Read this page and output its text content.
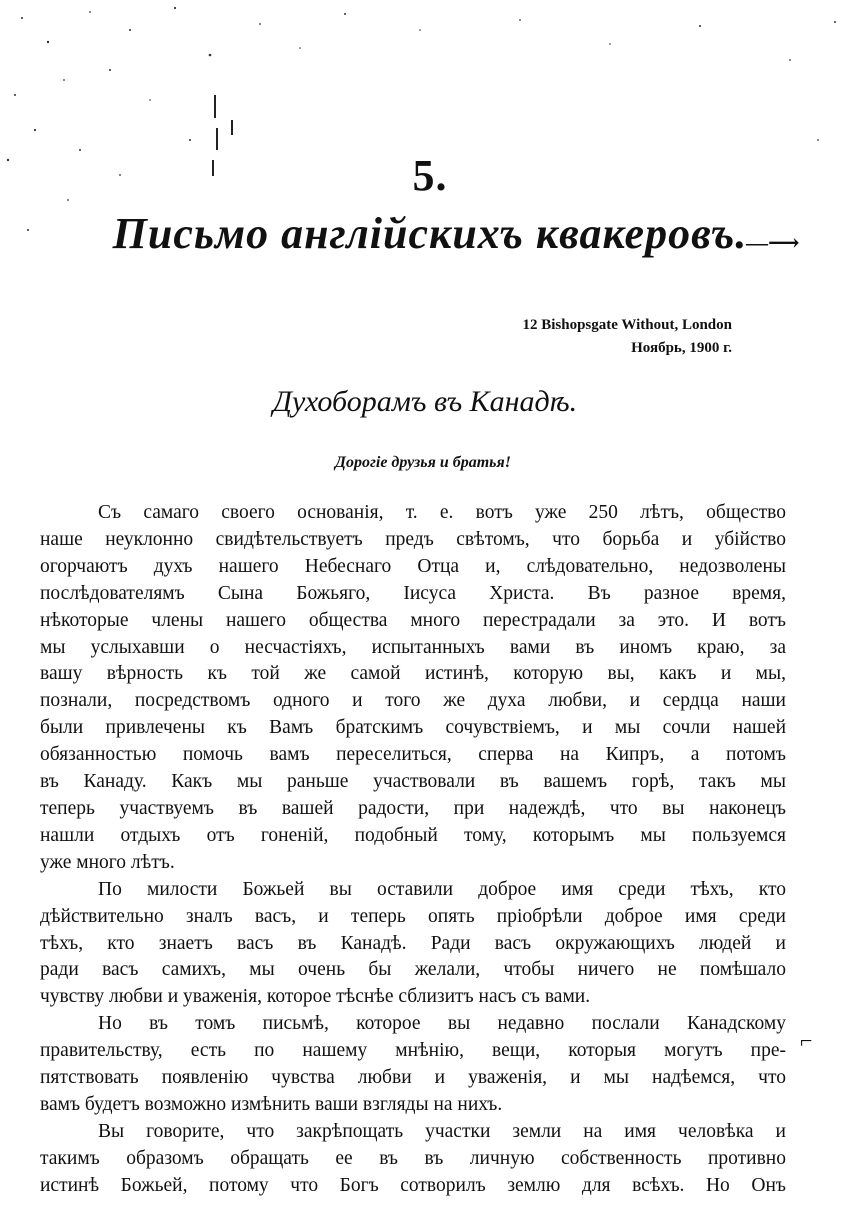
5.
Письмо англійскихъ квакеровъ.
—⟶
12 Bishopsgate Without, London
Ноябрь, 1900 г.
Духоборамъ въ Канадѣ.
Дорогіе друзья и братья!
Съ самаго своего основанія, т. е. вотъ уже 250 лѣтъ, общество
наше неуклонно свидѣтельствуетъ предъ свѣтомъ, что борьба и убійство
огорчаютъ духъ нашего Небеснаго Отца и, слѣдовательно, недозволены
послѣдователямъ Сына Божьяго, Іисуса Христа. Въ разное время,
нѣкоторые члены нашего общества много перестрадали за это. И вотъ
мы услыхавши о несчастіяхъ, испытанныхъ вами въ иномъ краю, за
вашу вѣрность къ той же самой истинѣ, которую вы, какъ и мы,
познали, посредствомъ одного и того же духа любви, и сердца наши
были привлечены къ Вамъ братскимъ сочувствіемъ, и мы сочли нашей
обязанностью помочь вамъ переселиться, сперва на Кипръ, а потомъ
въ Канаду. Какъ мы раньше участвовали въ вашемъ горѣ, такъ мы
теперь участвуемъ въ вашей радости, при надеждѣ, что вы наконецъ
нашли отдыхъ отъ гоненій, подобный тому, которымъ мы пользуемся
уже много лѣтъ.
По милости Божьей вы оставили доброе имя среди тѣхъ, кто
дѣйствительно зналъ васъ, и теперь опять пріобрѣли доброе имя среди
тѣхъ, кто знаетъ васъ въ Канадѣ. Ради васъ окружающихъ людей и
ради васъ самихъ, мы очень бы желали, чтобы ничего не помѣшало
чувству любви и уваженія, которое тѣснѣе сблизитъ насъ съ вами.
Но въ томъ письмѣ, которое вы недавно послали Канадскому
правительству, есть по нашему мнѣнію, вещи, которыя могутъ пре-
пятствовать появленію чувства любви и уваженія, и мы надѣемся, что
вамъ будетъ возможно измѣнить ваши взгляды на нихъ.
Вы говорите, что закрѣпощать участки земли на имя человѣка и
такимъ образомъ обращать ее въ въ личную собственность противно
истинѣ Божьей, потому что Богъ сотворилъ землю для всѣхъ. Но Онъ
⌐
